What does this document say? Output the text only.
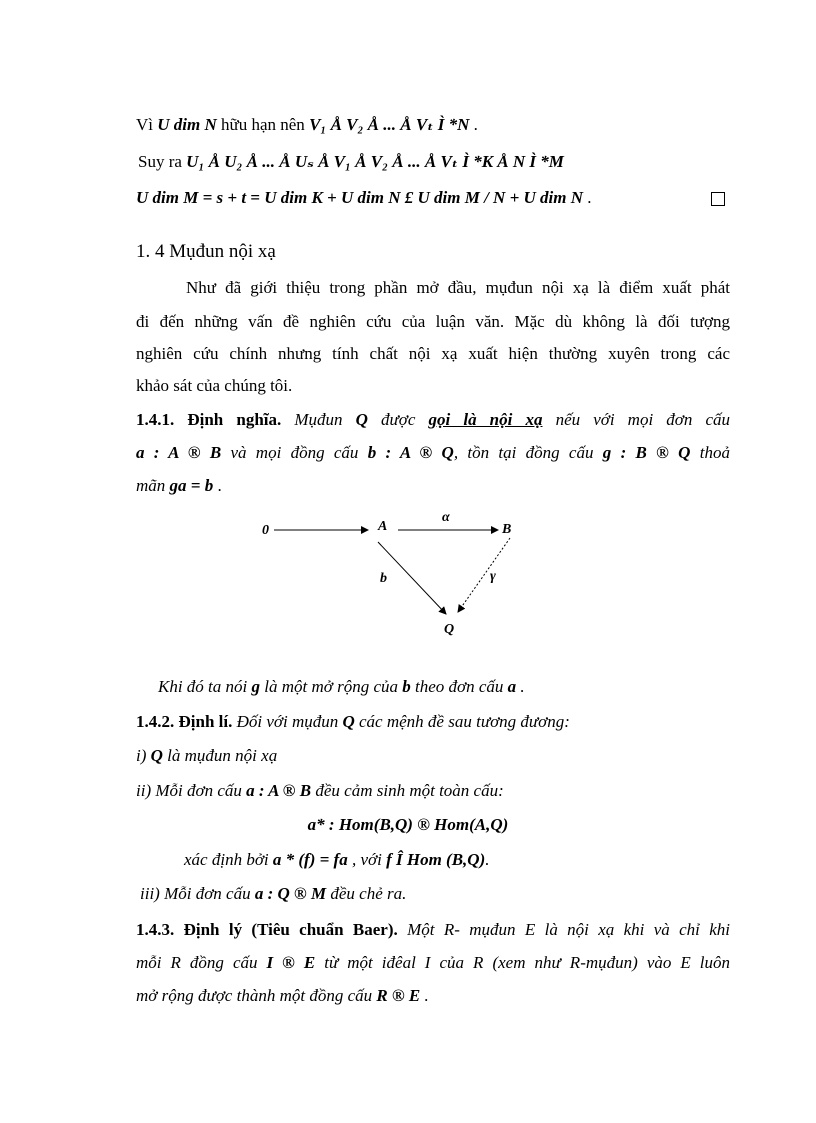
Vì U dim N hữu hạn nên V₁ Å V₂ Å ... Å Vₜ Ì *N .
Suy ra U₁ Å U₂ Å ... Å Uₛ Å V₁ Å V₂ Å ... Å Vₜ Ì *K Å N Ì *M
U dim M = s + t = U dim K + U dim N £ U dim M / N + U dim N .
1. 4 Mụđun nội xạ
Như đã giới thiệu trong phần mở đầu, mụđun nội xạ là điểm xuất phát
đi đến những vấn đề nghiên cứu của luận văn. Mặc dù không là đối tượng
nghiên cứu chính nhưng tính chất nội xạ xuất hiện thường xuyên trong các
khảo sát của chúng tôi.
1.4.1. Định nghĩa. Mụđun Q được gọi là nội xạ nếu với mọi đơn cấu
a : A ® B và mọi đồng cấu b : A ® Q, tồn tại đồng cấu g : B ® Q thoả
mãn ga = b .
0	A
α
B
b	γ
Q
Khi đó ta nói g là một mở rộng của b theo đơn cấu a .
1.4.2. Định lí. Đối với mụđun Q các mệnh đề sau tương đương:
i) Q là mụđun nội xạ
ii) Mỗi đơn cấu a : A ® B đều cảm sinh một toàn cấu:
a* : Hom(B,Q) ® Hom(A,Q)
xác định bởi a * (f) = fa , với f Î Hom (B,Q).
iii) Mỗi đơn cấu a : Q ® M đều chẻ ra.
1.4.3. Định lý (Tiêu chuẩn Baer). Một R- mụđun E là nội xạ khi và chỉ khi
mỗi R đồng cấu I ® E từ một iđêal I của R (xem như R-mụđun) vào E luôn
mở rộng được thành một đồng cấu R ® E .
